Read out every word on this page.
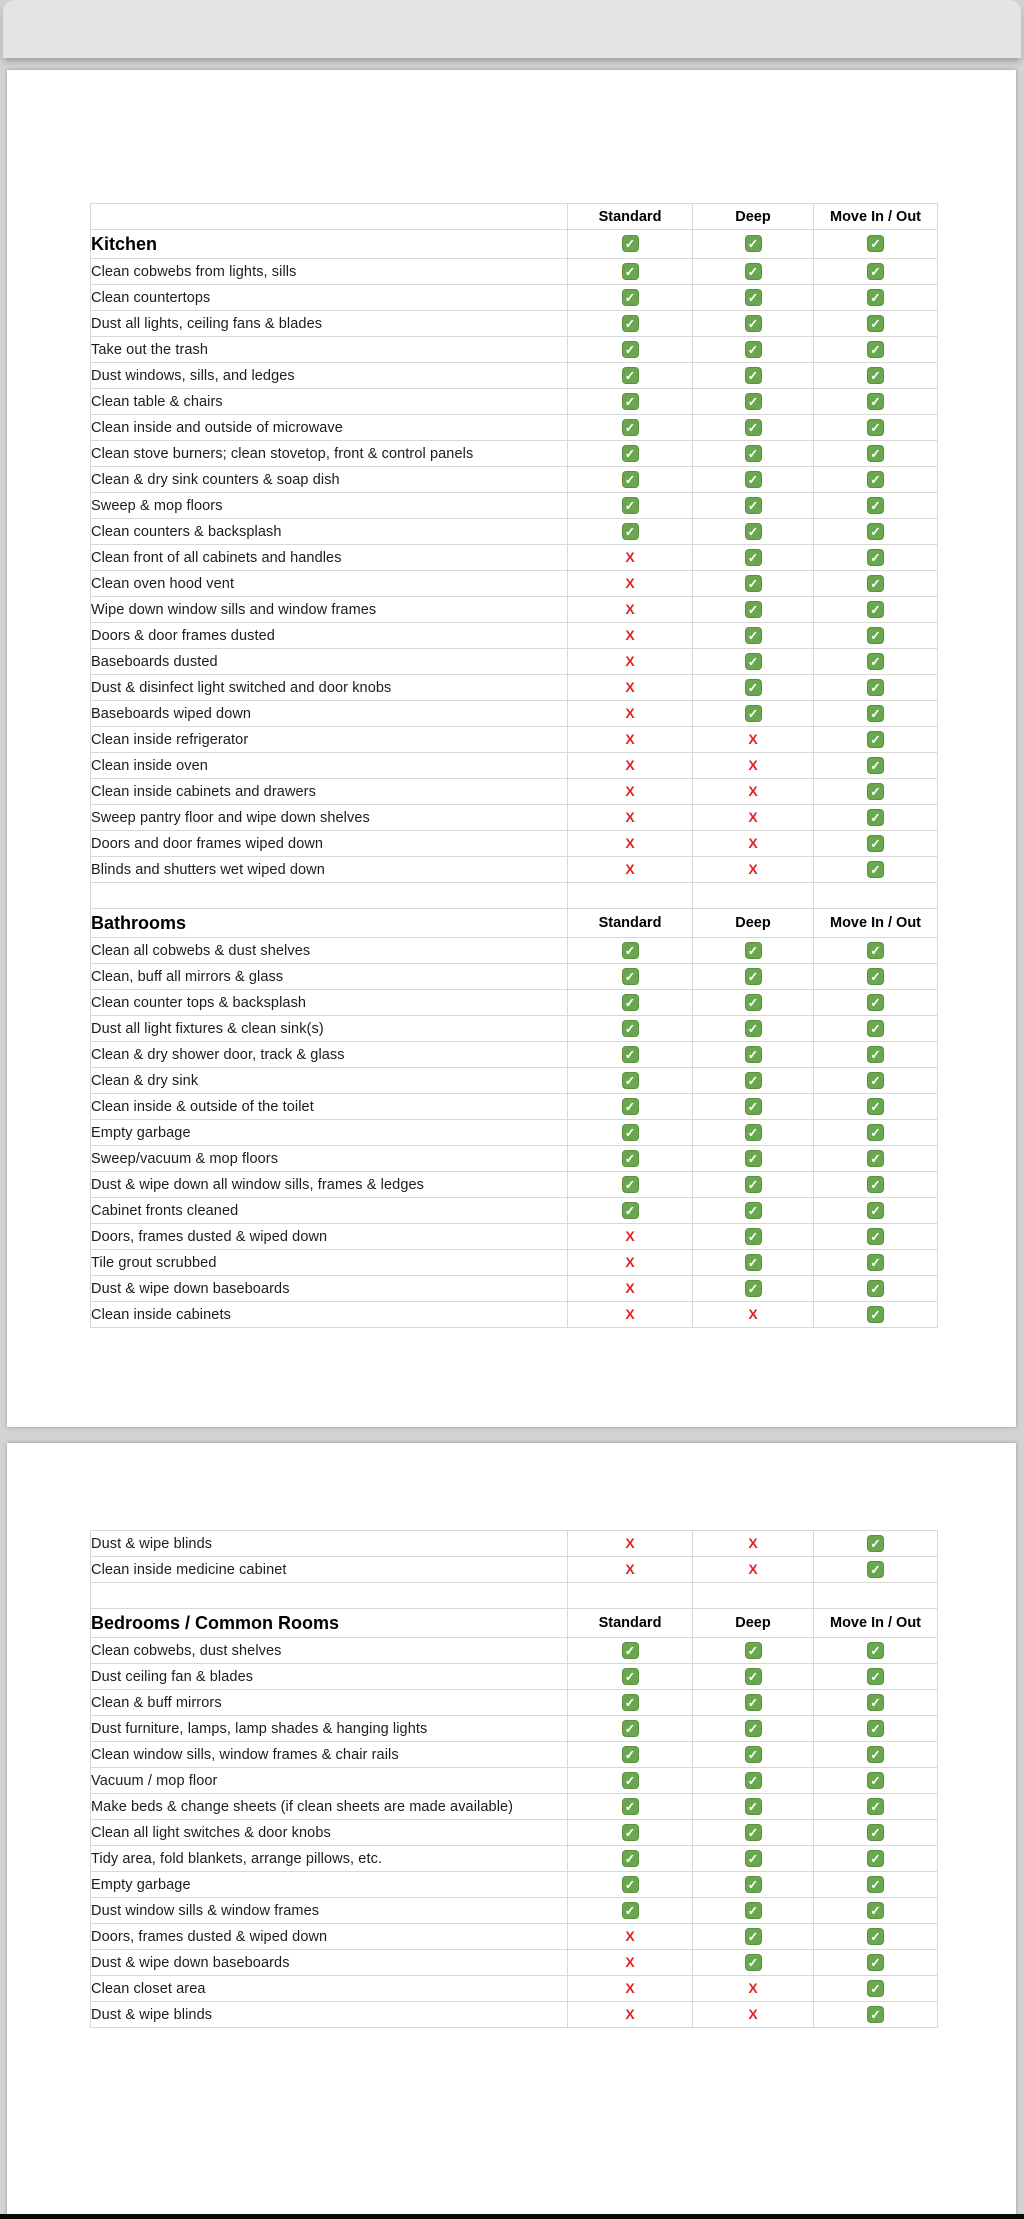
	Standard	Deep	Move In / Out
Kitchen	✓	✓	✓
Clean cobwebs from lights, sills	✓	✓	✓
Clean countertops	✓	✓	✓
Dust all lights, ceiling fans & blades	✓	✓	✓
Take out the trash	✓	✓	✓
Dust windows, sills, and ledges	✓	✓	✓
Clean table & chairs	✓	✓	✓
Clean inside and outside of microwave	✓	✓	✓
Clean stove burners; clean stovetop, front & control panels	✓	✓	✓
Clean & dry sink counters & soap dish	✓	✓	✓
Sweep & mop floors	✓	✓	✓
Clean counters & backsplash	✓	✓	✓
Clean front of all cabinets and handles	X	✓	✓
Clean oven hood vent	X	✓	✓
Wipe down window sills and window frames	X	✓	✓
Doors & door frames dusted	X	✓	✓
Baseboards dusted	X	✓	✓
Dust & disinfect light switched and door knobs	X	✓	✓
Baseboards wiped down	X	✓	✓
Clean inside refrigerator	X	X	✓
Clean inside oven	X	X	✓
Clean inside cabinets and drawers	X	X	✓
Sweep pantry floor and wipe down shelves	X	X	✓
Doors and door frames wiped down	X	X	✓
Blinds and shutters wet wiped down	X	X	✓

Bathrooms	Standard	Deep	Move In / Out
Clean all cobwebs & dust shelves	✓	✓	✓
Clean, buff all mirrors & glass	✓	✓	✓
Clean counter tops & backsplash	✓	✓	✓
Dust all light fixtures & clean sink(s)	✓	✓	✓
Clean & dry shower door, track & glass	✓	✓	✓
Clean & dry sink	✓	✓	✓
Clean inside & outside of the toilet	✓	✓	✓
Empty garbage	✓	✓	✓
Sweep/vacuum & mop floors	✓	✓	✓
Dust & wipe down all window sills, frames & ledges	✓	✓	✓
Cabinet fronts cleaned	✓	✓	✓
Doors, frames dusted & wiped down	X	✓	✓
Tile grout scrubbed	X	✓	✓
Dust & wipe down baseboards	X	✓	✓
Clean inside cabinets	X	X	✓
Dust & wipe blinds	X	X	✓
Clean inside medicine cabinet	X	X	✓

Bedrooms / Common Rooms	Standard	Deep	Move In / Out
Clean cobwebs, dust shelves	✓	✓	✓
Dust ceiling fan & blades	✓	✓	✓
Clean & buff mirrors	✓	✓	✓
Dust furniture, lamps, lamp shades & hanging lights	✓	✓	✓
Clean window sills, window frames & chair rails	✓	✓	✓
Vacuum / mop floor	✓	✓	✓
Make beds & change sheets (if clean sheets are made available)	✓	✓	✓
Clean all light switches & door knobs	✓	✓	✓
Tidy area, fold blankets, arrange pillows, etc.	✓	✓	✓
Empty garbage	✓	✓	✓
Dust window sills & window frames	✓	✓	✓
Doors, frames dusted & wiped down	X	✓	✓
Dust & wipe down baseboards	X	✓	✓
Clean closet area	X	X	✓
Dust & wipe blinds	X	X	✓
